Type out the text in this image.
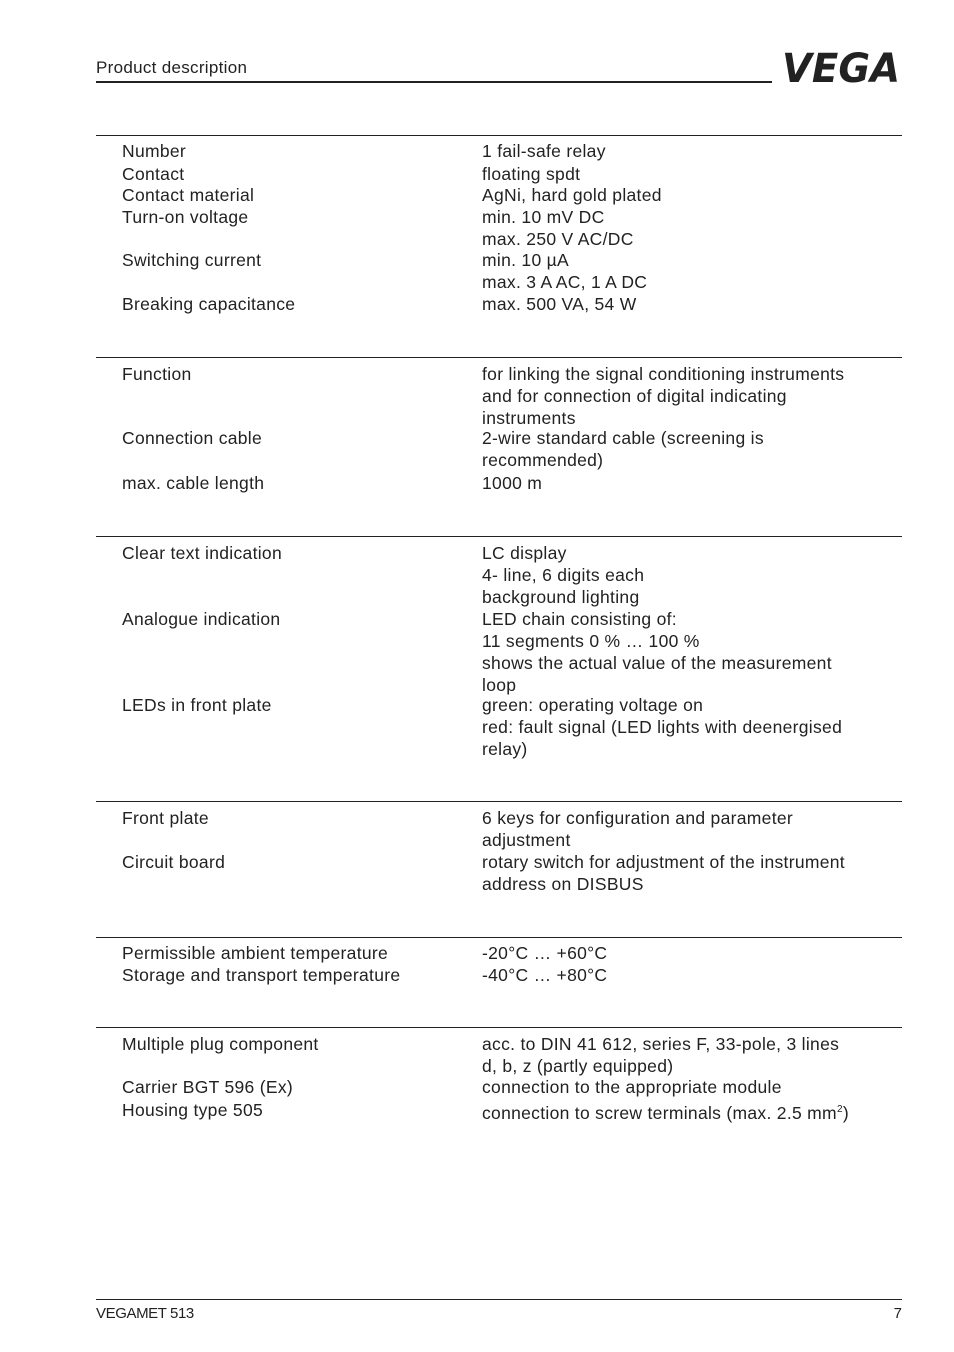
Product description	VEGA
Number	1 fail-safe relay
Contact	floating spdt
Contact material	AgNi, hard gold plated
Turn-on voltage	min. 10 mV DC
max. 250 V AC/DC
Switching current	min. 10 µA
max. 3 A AC, 1 A DC
Breaking capacitance	max. 500 VA, 54 W
Function	for linking the signal conditioning instruments
and for connection of digital indicating
instruments
Connection cable	2-wire standard cable (screening is
recommended)
max. cable length	1000 m
Clear text indication	LC display
4- line, 6 digits each
background lighting
Analogue indication	LED chain consisting of:
11 segments 0 % … 100 %
shows the actual value of the measurement
loop
LEDs in front plate	green: operating voltage on
red: fault signal (LED lights with deenergised
relay)
Front plate	6 keys for configuration and parameter
adjustment
Circuit board	rotary switch for adjustment of the instrument
address on DISBUS
Permissible ambient temperature	-20°C … +60°C
Storage and transport temperature	-40°C … +80°C
Multiple plug component	acc. to DIN 41 612, series F, 33-pole, 3 lines
d, b, z (partly equipped)
Carrier BGT 596 (Ex)	connection to the appropriate module
Housing type 505	connection to screw terminals (max. 2.5 $mm^2$)
VEGAMET 513	7
